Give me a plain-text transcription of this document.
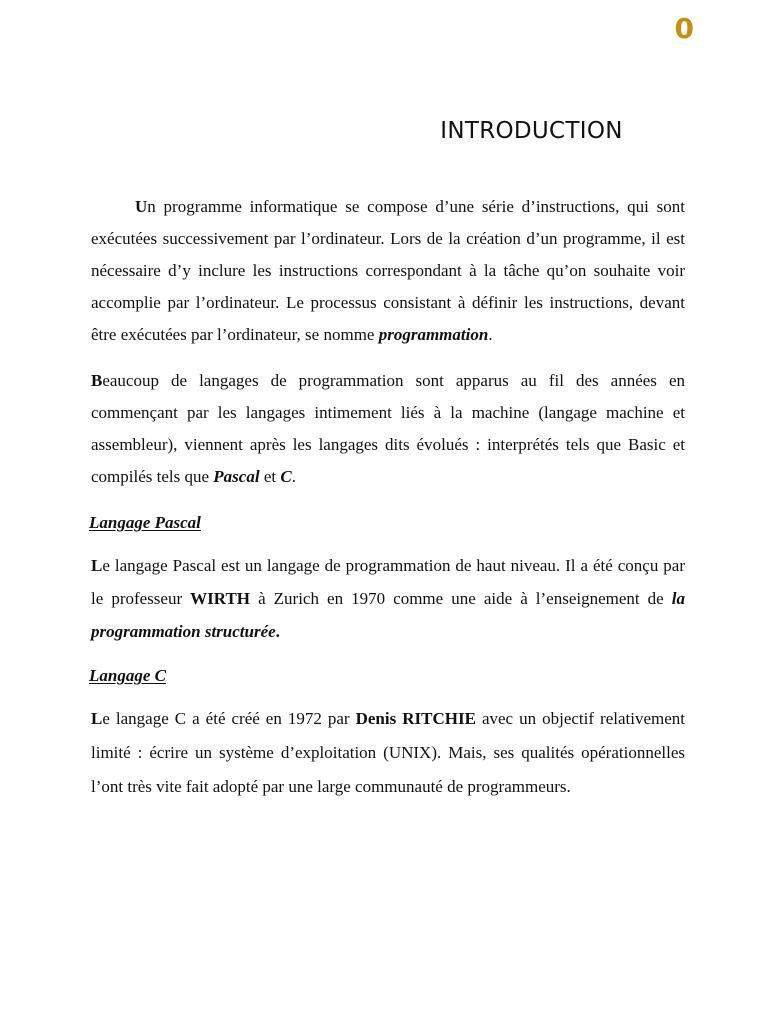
0
INTRODUCTION

Un programme informatique se compose d’une série d’instructions, qui sont exécutées successivement par l’ordinateur. Lors de la création d’un programme, il est nécessaire d’y inclure les instructions correspondant à la tâche qu’on souhaite voir accomplie par l’ordinateur. Le processus consistant à définir les instructions, devant être exécutées par l’ordinateur, se nomme programmation.

Beaucoup de langages de programmation sont apparus au fil des années en commençant par les langages intimement liés à la machine (langage machine et assembleur), viennent après les langages dits évolués : interprétés tels que Basic et compilés tels que Pascal et C.

Langage Pascal

Le langage Pascal est un langage de programmation de haut niveau. Il a été conçu par le professeur WIRTH à Zurich en 1970 comme une aide à l’enseignement de la programmation structurée.

Langage C

Le langage C a été créé en 1972 par Denis RITCHIE avec un objectif relativement limité : écrire un système d’exploitation (UNIX). Mais, ses qualités opérationnelles l’ont très vite fait adopté par une large communauté de programmeurs.
